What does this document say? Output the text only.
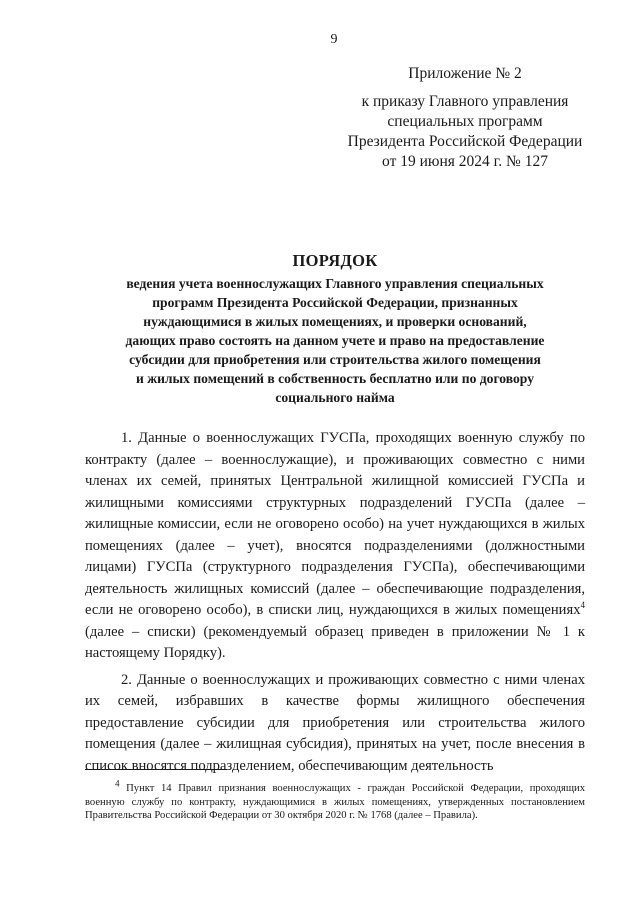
9
Приложение № 2
к приказу Главного управления
специальных программ
Президента Российской Федерации
от 19 июня 2024 г. № 127
ПОРЯДОК
ведения учета военнослужащих Главного управления специальных
программ Президента Российской Федерации, признанных
нуждающимися в жилых помещениях, и проверки оснований,
дающих право состоять на данном учете и право на предоставление
субсидии для приобретения или строительства жилого помещения
и жилых помещений в собственность бесплатно или по договору
социального найма

1. Данные о военнослужащих ГУСПа, проходящих военную службу по контракту (далее – военнослужащие), и проживающих совместно с ними членах их семей, принятых Центральной жилищной комиссией ГУСПа и жилищными комиссиями структурных подразделений ГУСПа (далее – жилищные комиссии, если не оговорено особо) на учет нуждающихся в жилых помещениях (далее – учет), вносятся подразделениями (должностными лицами) ГУСПа (структурного подразделения ГУСПа), обеспечивающими деятельность жилищных комиссий (далее – обеспечивающие подразделения, если не оговорено особо), в списки лиц, нуждающихся в жилых помещениях$^4$ (далее – списки) (рекомендуемый образец приведен в приложении № 1 к настоящему Порядку).

2. Данные о военнослужащих и проживающих совместно с ними членах их семей, избравших в качестве формы жилищного обеспечения предоставление субсидии для приобретения или строительства жилого помещения (далее – жилищная субсидия), принятых на учет, после внесения в список вносятся подразделением, обеспечивающим деятельность

$^4$ Пункт 14 Правил признания военнослужащих - граждан Российской Федерации, проходящих военную службу по контракту, нуждающимися в жилых помещениях, утвержденных постановлением Правительства Российской Федерации от 30 октября 2020 г. № 1768 (далее – Правила).
